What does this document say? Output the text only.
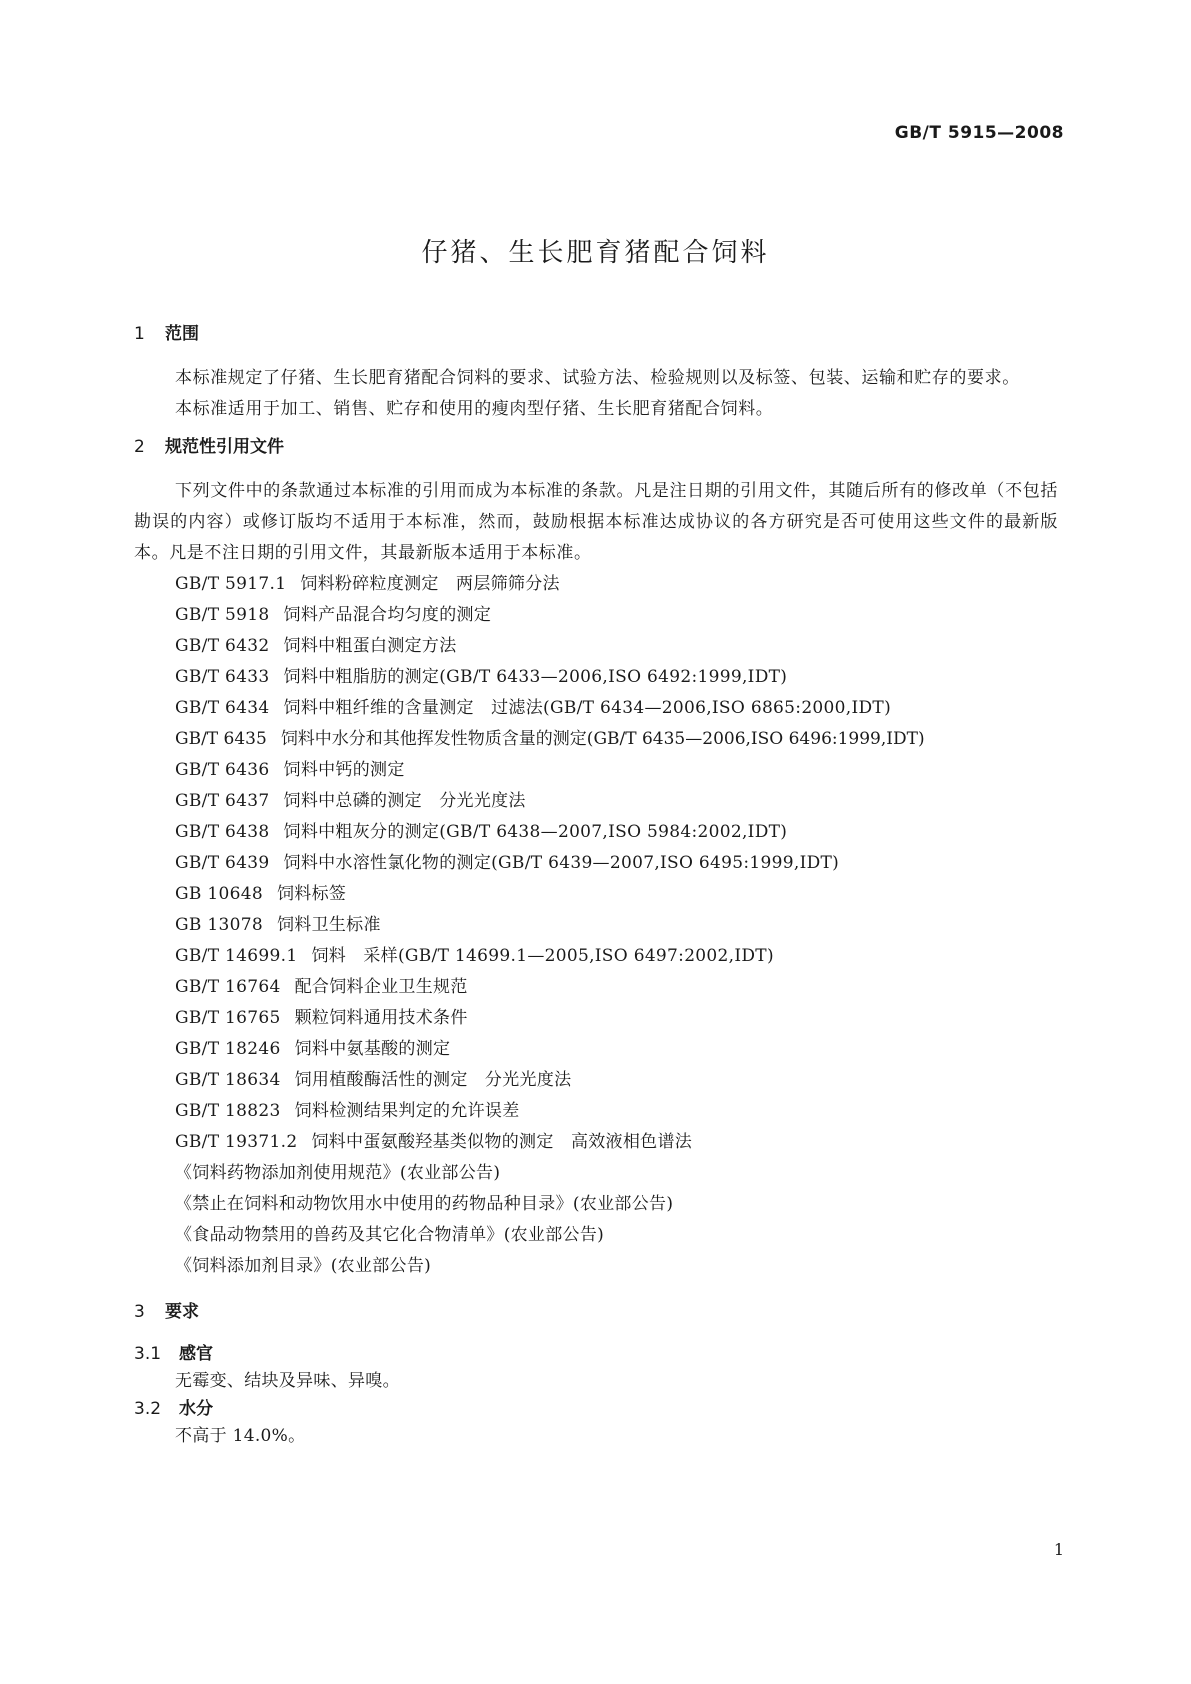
GB/T 5915—2008
仔猪、生长肥育猪配合饲料
1 范围
本标准规定了仔猪、生长肥育猪配合饲料的要求、试验方法、检验规则以及标签、包装、运输和贮存的要求。
本标准适用于加工、销售、贮存和使用的瘦肉型仔猪、生长肥育猪配合饲料。
2 规范性引用文件
下列文件中的条款通过本标准的引用而成为本标准的条款。凡是注日期的引用文件，其随后所有的修改单（不包括勘误的内容）或修订版均不适用于本标准，然而，鼓励根据本标准达成协议的各方研究是否可使用这些文件的最新版本。凡是不注日期的引用文件，其最新版本适用于本标准。
GB/T 5917.1 饲料粉碎粒度测定　两层筛筛分法
GB/T 5918 饲料产品混合均匀度的测定
GB/T 6432 饲料中粗蛋白测定方法
GB/T 6433 饲料中粗脂肪的测定(GB/T 6433—2006,ISO 6492:1999,IDT)
GB/T 6434 饲料中粗纤维的含量测定　过滤法(GB/T 6434—2006,ISO 6865:2000,IDT)
GB/T 6435 饲料中水分和其他挥发性物质含量的测定(GB/T 6435—2006,ISO 6496:1999,IDT)
GB/T 6436 饲料中钙的测定
GB/T 6437 饲料中总磷的测定　分光光度法
GB/T 6438 饲料中粗灰分的测定(GB/T 6438—2007,ISO 5984:2002,IDT)
GB/T 6439 饲料中水溶性氯化物的测定(GB/T 6439—2007,ISO 6495:1999,IDT)
GB 10648 饲料标签
GB 13078 饲料卫生标准
GB/T 14699.1 饲料　采样(GB/T 14699.1—2005,ISO 6497:2002,IDT)
GB/T 16764 配合饲料企业卫生规范
GB/T 16765 颗粒饲料通用技术条件
GB/T 18246 饲料中氨基酸的测定
GB/T 18634 饲用植酸酶活性的测定　分光光度法
GB/T 18823 饲料检测结果判定的允许误差
GB/T 19371.2 饲料中蛋氨酸羟基类似物的测定　高效液相色谱法
《饲料药物添加剂使用规范》(农业部公告)
《禁止在饲料和动物饮用水中使用的药物品种目录》(农业部公告)
《食品动物禁用的兽药及其它化合物清单》(农业部公告)
《饲料添加剂目录》(农业部公告)
3 要求
3.1 感官
无霉变、结块及异味、异嗅。
3.2 水分
不高于 14.0%。
1
